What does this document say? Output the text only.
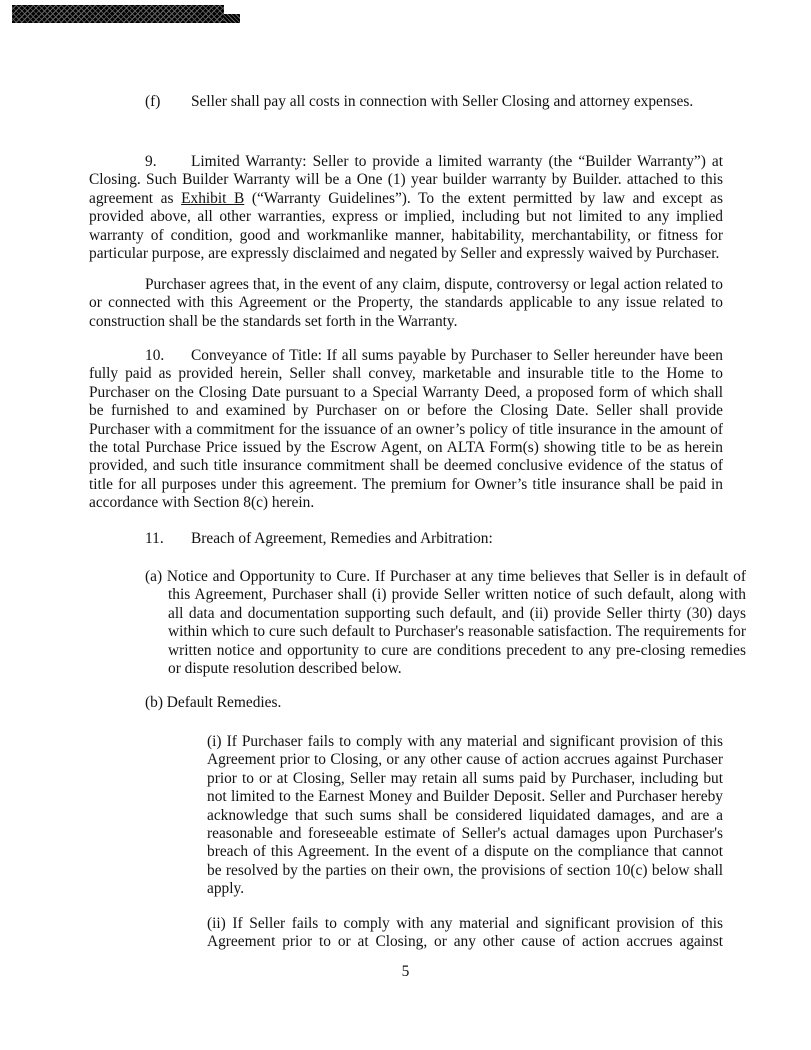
(f) Seller shall pay all costs in connection with Seller Closing and attorney expenses.

9. Limited Warranty: Seller to provide a limited warranty (the “Builder Warranty”) at Closing. Such Builder Warranty will be a One (1) year builder warranty by Builder. attached to this agreement as Exhibit B (“Warranty Guidelines”). To the extent permitted by law and except as provided above, all other warranties, express or implied, including but not limited to any implied warranty of condition, good and workmanlike manner, habitability, merchantability, or fitness for particular purpose, are expressly disclaimed and negated by Seller and expressly waived by Purchaser.

Purchaser agrees that, in the event of any claim, dispute, controversy or legal action related to or connected with this Agreement or the Property, the standards applicable to any issue related to construction shall be the standards set forth in the Warranty.

10. Conveyance of Title: If all sums payable by Purchaser to Seller hereunder have been fully paid as provided herein, Seller shall convey, marketable and insurable title to the Home to Purchaser on the Closing Date pursuant to a Special Warranty Deed, a proposed form of which shall be furnished to and examined by Purchaser on or before the Closing Date. Seller shall provide Purchaser with a commitment for the issuance of an owner’s policy of title insurance in the amount of the total Purchase Price issued by the Escrow Agent, on ALTA Form(s) showing title to be as herein provided, and such title insurance commitment shall be deemed conclusive evidence of the status of title for all purposes under this agreement. The premium for Owner’s title insurance shall be paid in accordance with Section 8(c) herein.

11. Breach of Agreement, Remedies and Arbitration:

(a) Notice and Opportunity to Cure. If Purchaser at any time believes that Seller is in default of this Agreement, Purchaser shall (i) provide Seller written notice of such default, along with all data and documentation supporting such default, and (ii) provide Seller thirty (30) days within which to cure such default to Purchaser's reasonable satisfaction. The requirements for written notice and opportunity to cure are conditions precedent to any pre-closing remedies or dispute resolution described below.

(b) Default Remedies.

(i) If Purchaser fails to comply with any material and significant provision of this Agreement prior to Closing, or any other cause of action accrues against Purchaser prior to or at Closing, Seller may retain all sums paid by Purchaser, including but not limited to the Earnest Money and Builder Deposit. Seller and Purchaser hereby acknowledge that such sums shall be considered liquidated damages, and are a reasonable and foreseeable estimate of Seller's actual damages upon Purchaser's breach of this Agreement. In the event of a dispute on the compliance that cannot be resolved by the parties on their own, the provisions of section 10(c) below shall apply.

(ii) If Seller fails to comply with any material and significant provision of this Agreement prior to or at Closing, or any other cause of action accrues against

5
